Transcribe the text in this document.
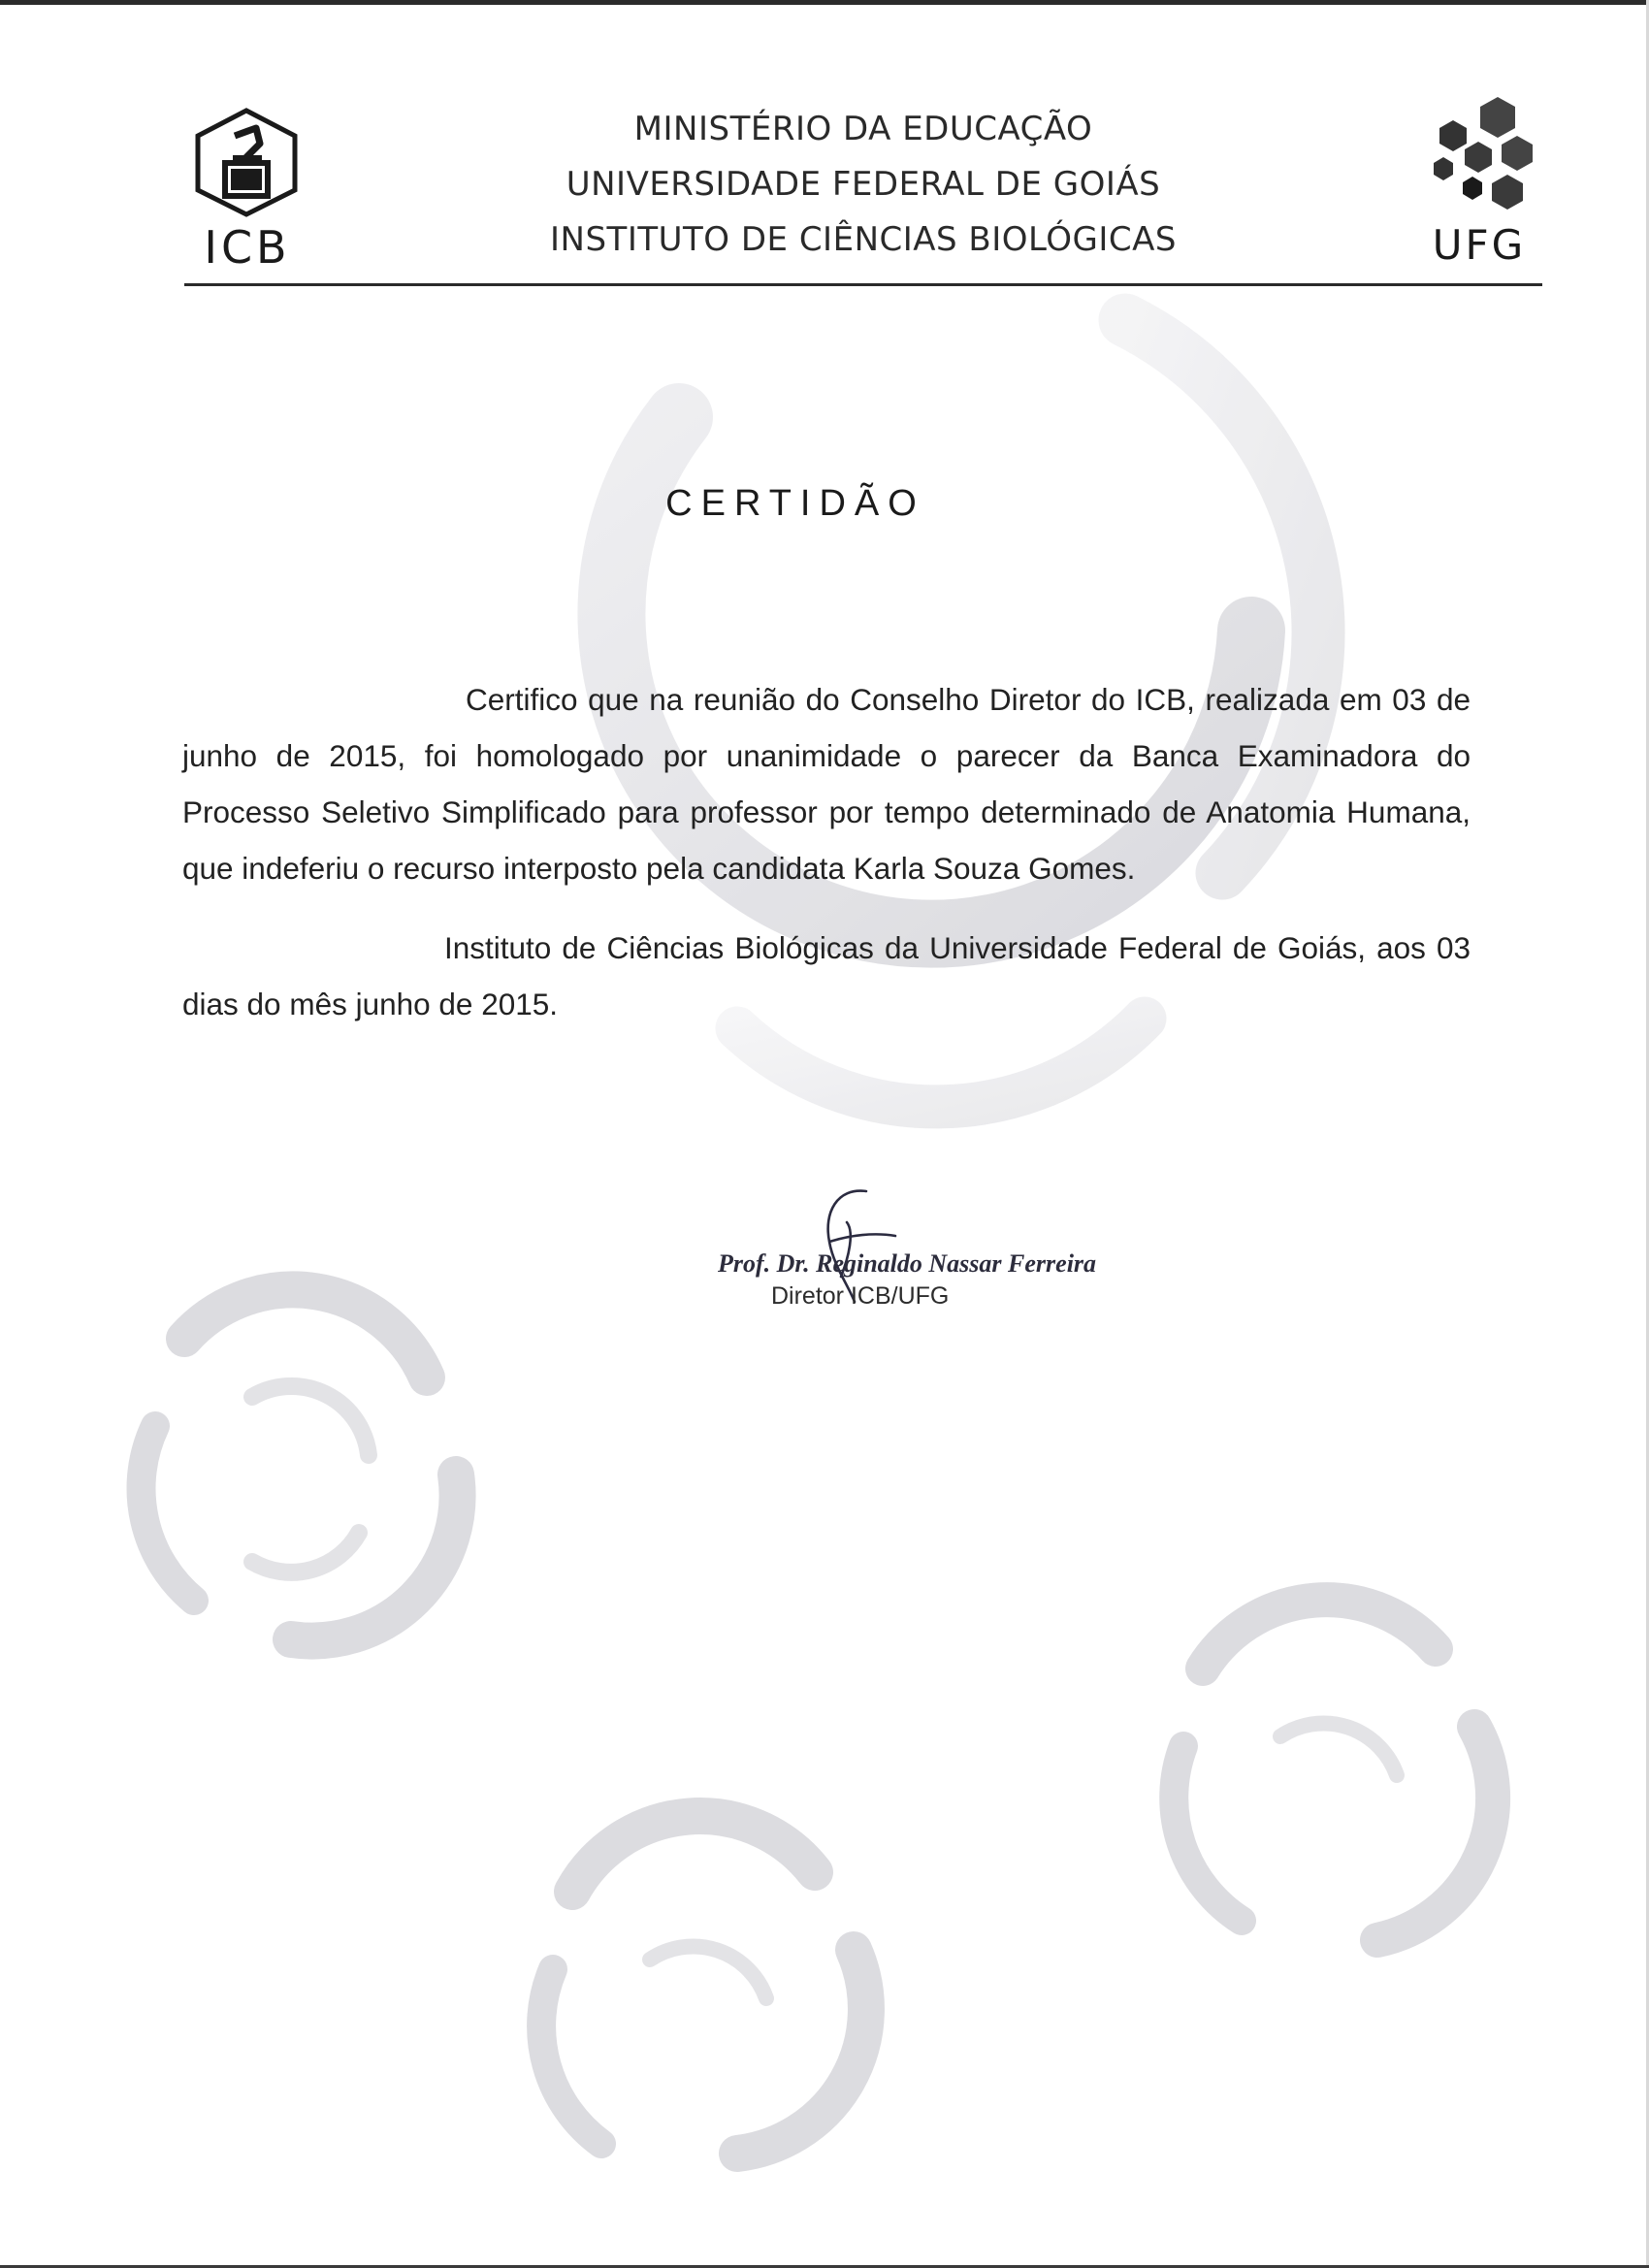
ICB
MINISTÉRIO DA EDUCAÇÃO
UNIVERSIDADE FEDERAL DE GOIÁS
INSTITUTO DE CIÊNCIAS BIOLÓGICAS	UFG
CERTIDÃO

Certifico que na reunião do Conselho Diretor do ICB, realizada em 03 de junho de 2015, foi homologado por unanimidade o parecer da Banca Examinadora do Processo Seletivo Simplificado para professor por tempo determinado de Anatomia Humana, que indeferiu o recurso interposto pela candidata Karla Souza Gomes.

Instituto de Ciências Biológicas da Universidade Federal de Goiás, aos 03 dias do mês junho de 2015.

Prof. Dr. Reginaldo Nassar Ferreira
Diretor ICB/UFG
